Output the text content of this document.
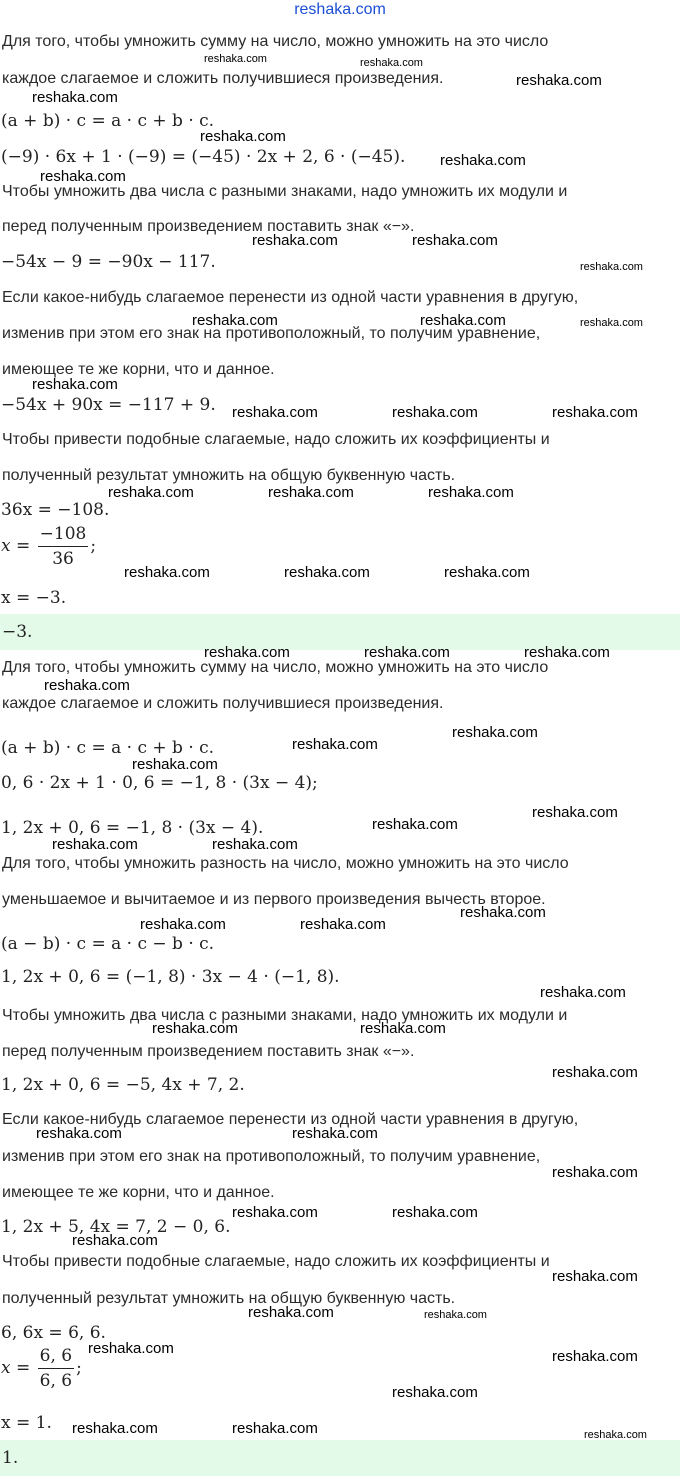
reshaka.com
Для того, чтобы умножить сумму на число, можно умножить на это число
каждое слагаемое и сложить получившиеся произведения.
(a + b) · c = a · c + b · c.
(−9) · 6x + 1 · (−9) = (−45) · 2x + 2, 6 · (−45).
Чтобы умножить два числа с разными знаками, надо умножить их модули и
перед полученным произведением поставить знак «−».
−54x − 9 = −90x − 117.
Если какое-нибудь слагаемое перенести из одной части уравнения в другую,
изменив при этом его знак на противоположный, то получим уравнение,
имеющее те же корни, что и данное.
−54x + 90x = −117 + 9.
Чтобы привести подобные слагаемые, надо сложить их коэффициенты и
полученный результат умножить на общую буквенную часть.
36x = −108.
$x = \frac{-108}{36}$ ;
x = −3.
−3.
Для того, чтобы умножить сумму на число, можно умножить на это число
каждое слагаемое и сложить получившиеся произведения.
(a + b) · c = a · c + b · c.
0, 6 · 2x + 1 · 0, 6 = −1, 8 · (3x − 4);
1, 2x + 0, 6 = −1, 8 · (3x − 4).
Для того, чтобы умножить разность на число, можно умножить на это число
уменьшаемое и вычитаемое и из первого произведения вычесть второе.
(a − b) · c = a · c − b · c.
1, 2x + 0, 6 = (−1, 8) · 3x − 4 · (−1, 8).
Чтобы умножить два числа с разными знаками, надо умножить их модули и
перед полученным произведением поставить знак «−».
1, 2x + 0, 6 = −5, 4x + 7, 2.
Если какое-нибудь слагаемое перенести из одной части уравнения в другую,
изменив при этом его знак на противоположный, то получим уравнение,
имеющее те же корни, что и данное.
1, 2x + 5, 4x = 7, 2 − 0, 6.
Чтобы привести подобные слагаемые, надо сложить их коэффициенты и
полученный результат умножить на общую буквенную часть.
6, 6x = 6, 6.
$x = \frac{6, 6}{6, 6}$ ;
x = 1.
1.
reshaka.com	reshaka.com
reshaka.com
reshaka.com
reshaka.com
reshaka.com
reshaka.com
reshaka.com	reshaka.com
reshaka.com
reshaka.com	reshaka.com	reshaka.com
reshaka.com
reshaka.com	reshaka.com	reshaka.com
reshaka.com	reshaka.com	reshaka.com
reshaka.com	reshaka.com	reshaka.com
reshaka.com	reshaka.com	reshaka.com
reshaka.com
reshaka.com
reshaka.com
reshaka.com
reshaka.com
reshaka.com
reshaka.com	reshaka.com
reshaka.com
reshaka.com	reshaka.com
reshaka.com
reshaka.com	reshaka.com
reshaka.com
reshaka.com	reshaka.com
reshaka.com
reshaka.com	reshaka.com
reshaka.com
reshaka.com
reshaka.com	reshaka.com
reshaka.com	reshaka.com
reshaka.com
reshaka.com	reshaka.com	reshaka.com
